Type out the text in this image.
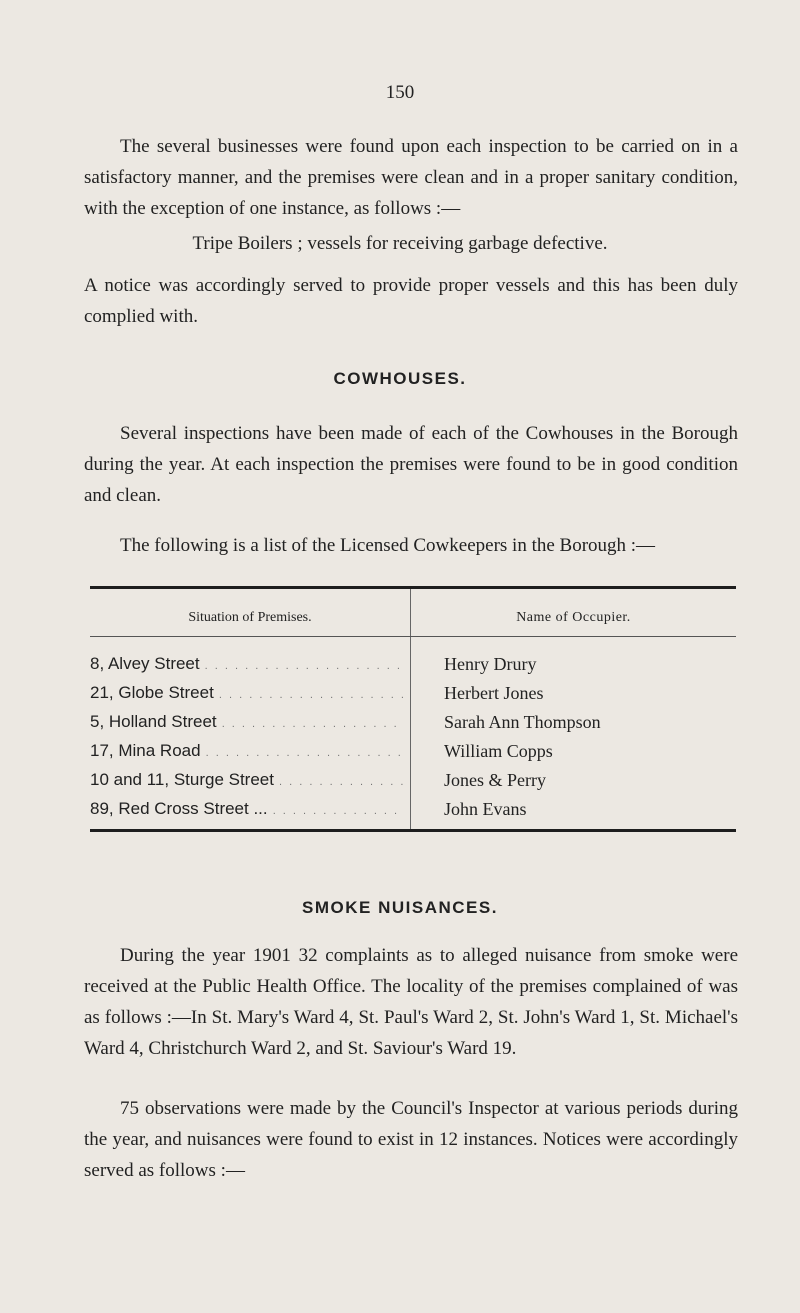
150

The several businesses were found upon each inspection to be carried on in a satisfactory manner, and the premises were clean and in a proper sanitary condition, with the exception of one instance, as follows :—

Tripe Boilers ; vessels for receiving garbage defective.

A notice was accordingly served to provide proper vessels and this has been duly complied with.

COWHOUSES.

Several inspections have been made of each of the Cowhouses in the Borough during the year. At each inspection the premises were found to be in good condition and clean.

The following is a list of the Licensed Cowkeepers in the Borough :—
Situation of Premises.	Name of Occupier.
8, Alvey Street . . .	Henry Drury
21, Globe Street . . .	Herbert Jones
5, Holland Street . . .	Sarah Ann Thompson
17, Mina Road . . .	William Copps
10 and 11, Sturge Street . . .	Jones & Perry
89, Red Cross Street ... . . .	John Evans
SMOKE NUISANCES.

During the year 1901 32 complaints as to alleged nuisance from smoke were received at the Public Health Office. The locality of the premises complained of was as follows :—In St. Mary's Ward 4, St. Paul's Ward 2, St. John's Ward 1, St. Michael's Ward 4, Christchurch Ward 2, and St. Saviour's Ward 19.

75 observations were made by the Council's Inspector at various periods during the year, and nuisances were found to exist in 12 instances. Notices were accordingly served as follows :—
